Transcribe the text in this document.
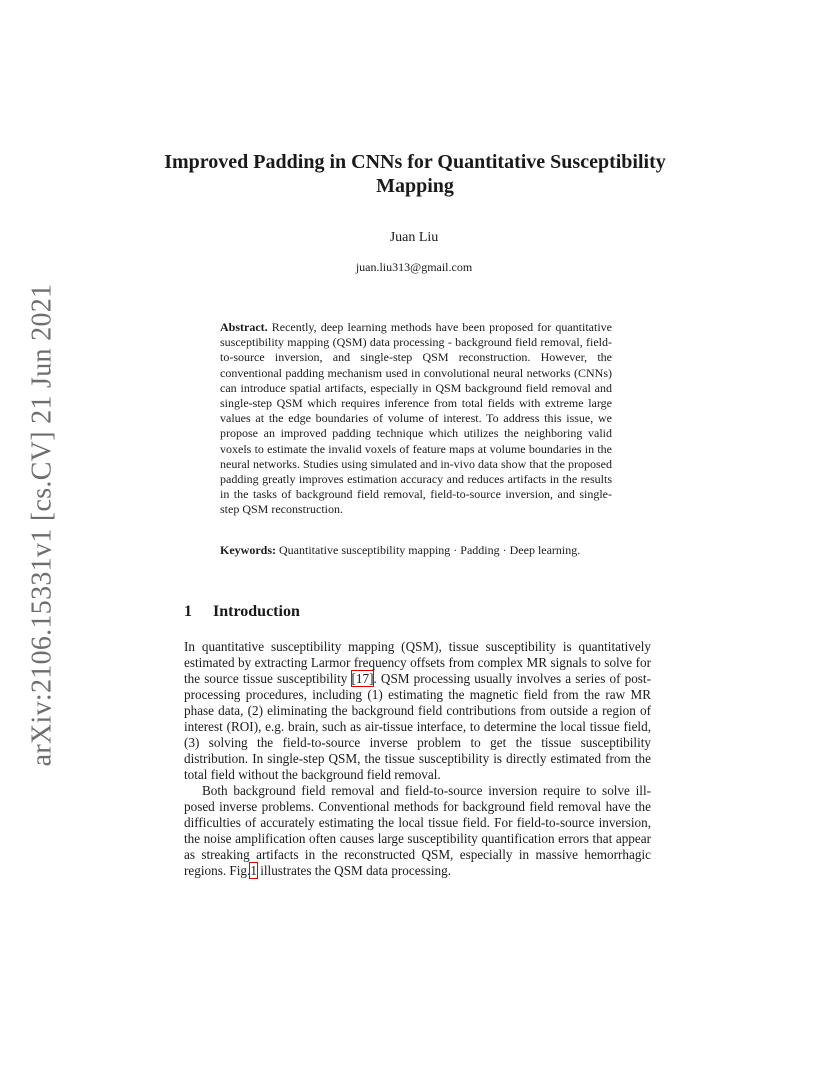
arXiv:2106.15331v1 [cs.CV] 21 Jun 2021
Improved Padding in CNNs for Quantitative Susceptibility Mapping
Juan Liu
juan.liu313@gmail.com
Abstract. Recently, deep learning methods have been proposed for quantitative susceptibility mapping (QSM) data processing - background field removal, field-to-source inversion, and single-step QSM reconstruction. However, the conventional padding mechanism used in convolutional neural networks (CNNs) can introduce spatial artifacts, especially in QSM background field removal and single-step QSM which requires inference from total fields with extreme large values at the edge boundaries of volume of interest. To address this issue, we propose an improved padding technique which utilizes the neighboring valid voxels to estimate the invalid voxels of feature maps at volume boundaries in the neural networks. Studies using simulated and in-vivo data show that the proposed padding greatly improves estimation accuracy and reduces artifacts in the results in the tasks of background field removal, field-to-source inversion, and single-step QSM reconstruction.
Keywords: Quantitative susceptibility mapping · Padding · Deep learning.
1 Introduction

In quantitative susceptibility mapping (QSM), tissue susceptibility is quantitatively estimated by extracting Larmor frequency offsets from complex MR signals to solve for the source tissue susceptibility [17]. QSM processing usually involves a series of post-processing procedures, including (1) estimating the magnetic field from the raw MR phase data, (2) eliminating the background field contributions from outside a region of interest (ROI), e.g. brain, such as air-tissue interface, to determine the local tissue field, (3) solving the field-to-source inverse problem to get the tissue susceptibility distribution. In single-step QSM, the tissue susceptibility is directly estimated from the total field without the background field removal.

Both background field removal and field-to-source inversion require to solve ill-posed inverse problems. Conventional methods for background field removal have the difficulties of accurately estimating the local tissue field. For field-to-source inversion, the noise amplification often causes large susceptibility quantification errors that appear as streaking artifacts in the reconstructed QSM, especially in massive hemorrhagic regions. Fig.1 illustrates the QSM data processing.
